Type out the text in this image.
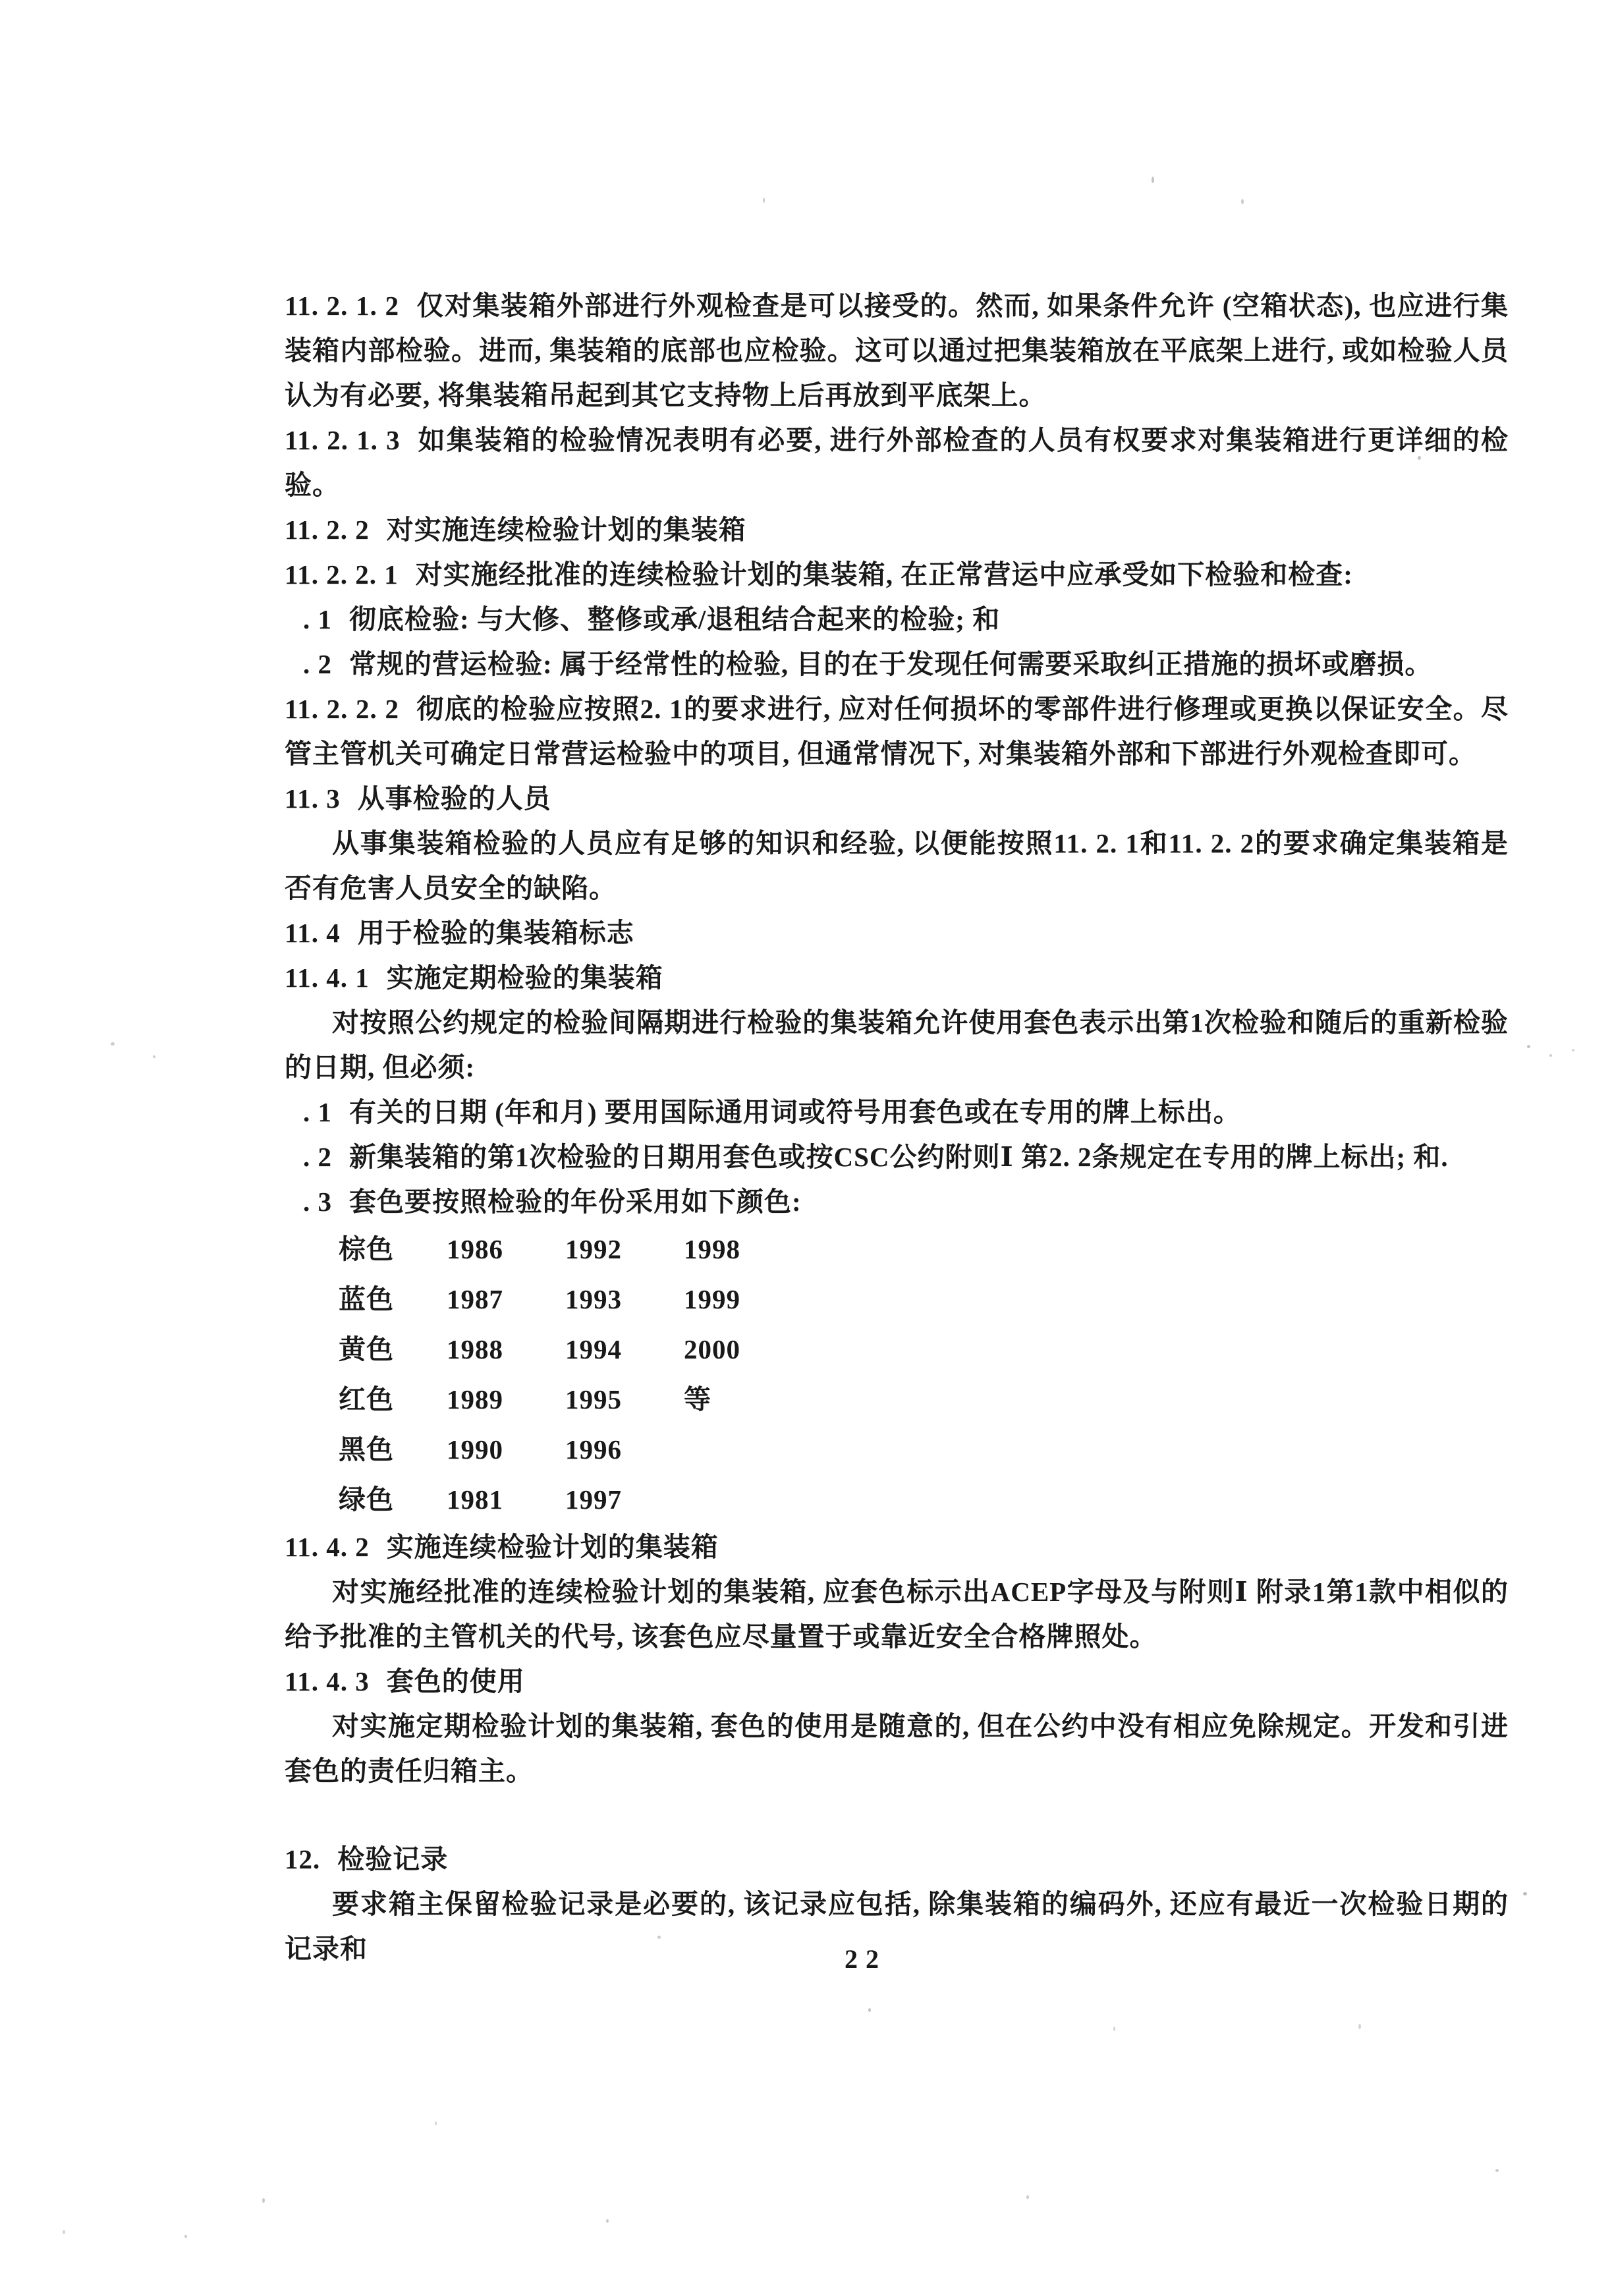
11. 2. 1. 2 仅对集装箱外部进行外观检查是可以接受的。然而, 如果条件允许 (空箱状态), 也应进行集装箱内部检验。进而, 集装箱的底部也应检验。这可以通过把集装箱放在平底架上进行, 或如检验人员认为有必要, 将集装箱吊起到其它支持物上后再放到平底架上。

11. 2. 1. 3 如集装箱的检验情况表明有必要, 进行外部检查的人员有权要求对集装箱进行更详细的检验。

11. 2. 2 对实施连续检验计划的集装箱

11. 2. 2. 1 对实施经批准的连续检验计划的集装箱, 在正常营运中应承受如下检验和检查:

. 1 彻底检验: 与大修、整修或承/退租结合起来的检验; 和

. 2 常规的营运检验: 属于经常性的检验, 目的在于发现任何需要采取纠正措施的损坏或磨损。

11. 2. 2. 2 彻底的检验应按照2. 1的要求进行, 应对任何损坏的零部件进行修理或更换以保证安全。尽管主管机关可确定日常营运检验中的项目, 但通常情况下, 对集装箱外部和下部进行外观检查即可。

11. 3 从事检验的人员

从事集装箱检验的人员应有足够的知识和经验, 以便能按照11. 2. 1和11. 2. 2的要求确定集装箱是否有危害人员安全的缺陷。

11. 4 用于检验的集装箱标志

11. 4. 1 实施定期检验的集装箱

对按照公约规定的检验间隔期进行检验的集装箱允许使用套色表示出第1次检验和随后的重新检验的日期, 但必须:

. 1 有关的日期 (年和月) 要用国际通用词或符号用套色或在专用的牌上标出。

. 2 新集装箱的第1次检验的日期用套色或按CSC公约附则Ⅰ 第2. 2条规定在专用的牌上标出; 和.

. 3 套色要按照检验的年份采用如下颜色:

棕色 1986 1992 1998
蓝色 1987 1993 1999
黄色 1988 1994 2000
红色 1989 1995 等
黑色 1990 1996
绿色 1981 1997

11. 4. 2 实施连续检验计划的集装箱

对实施经批准的连续检验计划的集装箱, 应套色标示出ACEP字母及与附则Ⅰ 附录1第1款中相似的给予批准的主管机关的代号, 该套色应尽量置于或靠近安全合格牌照处。

11. 4. 3 套色的使用

对实施定期检验计划的集装箱, 套色的使用是随意的, 但在公约中没有相应免除规定。开发和引进套色的责任归箱主。

12. 检验记录

要求箱主保留检验记录是必要的, 该记录应包括, 除集装箱的编码外, 还应有最近一次检验日期的记录和	22
